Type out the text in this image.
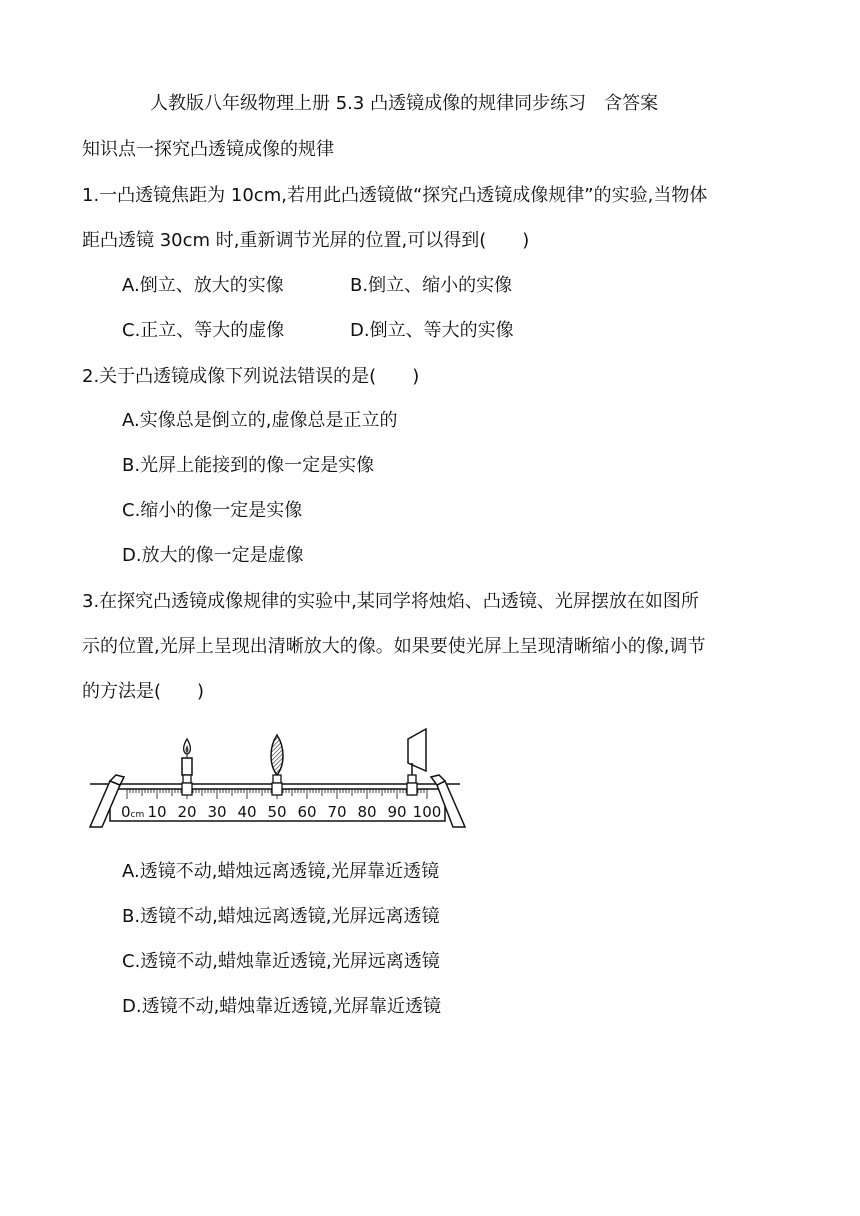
人教版八年级物理上册 5.3 凸透镜成像的规律同步练习　含答案
知识点一探究凸透镜成像的规律
1.一凸透镜焦距为 10cm,若用此凸透镜做“探究凸透镜成像规律”的实验,当物体
距凸透镜 30cm 时,重新调节光屏的位置,可以得到(　　)
A.倒立、放大的实像	B.倒立、缩小的实像
C.正立、等大的虚像	D.倒立、等大的实像
2.关于凸透镜成像下列说法错误的是(　　)
A.实像总是倒立的,虚像总是正立的
B.光屏上能接到的像一定是实像
C.缩小的像一定是实像
D.放大的像一定是虚像
3.在探究凸透镜成像规律的实验中,某同学将烛焰、凸透镜、光屏摆放在如图所
示的位置,光屏上呈现出清晰放大的像。如果要使光屏上呈现清晰缩小的像,调节
的方法是(　　)
0cm 10 20 30 40 50 60 70 80 90 100
A.透镜不动,蜡烛远离透镜,光屏靠近透镜
B.透镜不动,蜡烛远离透镜,光屏远离透镜
C.透镜不动,蜡烛靠近透镜,光屏远离透镜
D.透镜不动,蜡烛靠近透镜,光屏靠近透镜
